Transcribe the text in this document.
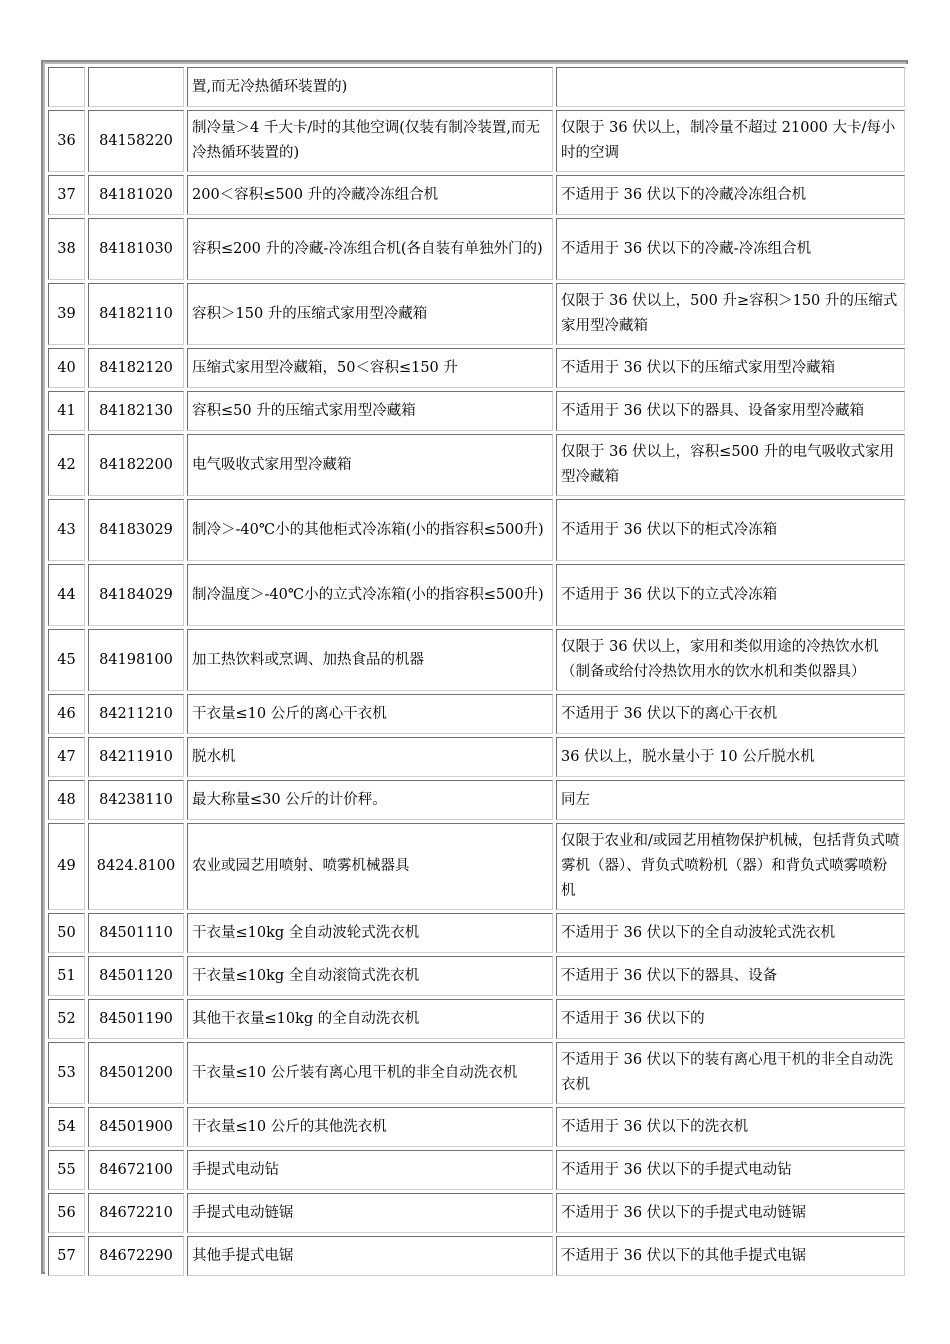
		置,而无冷热循环装置的)	
36	84158220	制冷量＞4 千大卡/时的其他空调(仅装有制冷装置,而无冷热循环装置的)	仅限于 36 伏以上，制冷量不超过 21000 大卡/每小时的空调
37	84181020	200＜容积≤500 升的冷藏冷冻组合机	不适用于 36 伏以下的冷藏冷冻组合机
38	84181030	容积≤200 升的冷藏-冷冻组合机(各自装有单独外门的)	不适用于 36 伏以下的冷藏-冷冻组合机
39	84182110	容积＞150 升的压缩式家用型冷藏箱	仅限于 36 伏以上，500 升≥容积＞150 升的压缩式家用型冷藏箱
40	84182120	压缩式家用型冷藏箱，50＜容积≤150 升	不适用于 36 伏以下的压缩式家用型冷藏箱
41	84182130	容积≤50 升的压缩式家用型冷藏箱	不适用于 36 伏以下的器具、设备家用型冷藏箱
42	84182200	电气吸收式家用型冷藏箱	仅限于 36 伏以上，容积≤500 升的电气吸收式家用型冷藏箱
43	84183029	制冷＞-40℃小的其他柜式冷冻箱(小的指容积≤500升)	不适用于 36 伏以下的柜式冷冻箱
44	84184029	制冷温度＞-40℃小的立式冷冻箱(小的指容积≤500升)	不适用于 36 伏以下的立式冷冻箱
45	84198100	加工热饮料或烹调、加热食品的机器	仅限于 36 伏以上，家用和类似用途的冷热饮水机（制备或给付冷热饮用水的饮水机和类似器具）
46	84211210	干衣量≤10 公斤的离心干衣机	不适用于 36 伏以下的离心干衣机
47	84211910	脱水机	36 伏以上，脱水量小于 10 公斤脱水机
48	84238110	最大称量≤30 公斤的计价秤。	同左
49	8424.8100	农业或园艺用喷射、喷雾机械器具	仅限于农业和/或园艺用植物保护机械，包括背负式喷雾机（器）、背负式喷粉机（器）和背负式喷雾喷粉机
50	84501110	干衣量≤10kg 全自动波轮式洗衣机	不适用于 36 伏以下的全自动波轮式洗衣机
51	84501120	干衣量≤10kg 全自动滚筒式洗衣机	不适用于 36 伏以下的器具、设备
52	84501190	其他干衣量≤10kg 的全自动洗衣机	不适用于 36 伏以下的
53	84501200	干衣量≤10 公斤装有离心甩干机的非全自动洗衣机	不适用于 36 伏以下的装有离心甩干机的非全自动洗衣机
54	84501900	干衣量≤10 公斤的其他洗衣机	不适用于 36 伏以下的洗衣机
55	84672100	手提式电动钻	不适用于 36 伏以下的手提式电动钻
56	84672210	手提式电动链锯	不适用于 36 伏以下的手提式电动链锯
57	84672290	其他手提式电锯	不适用于 36 伏以下的其他手提式电锯
